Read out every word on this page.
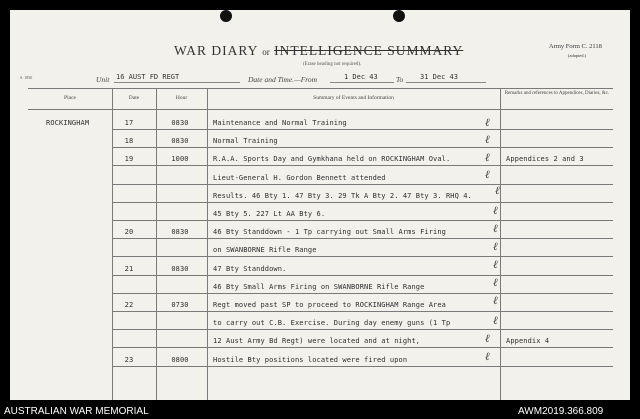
WAR DIARY or INTELLIGENCE SUMMARY
(Erase heading not required).
Army Form C. 2118
(adapted.)
S. 1850	Unit 16 AUST FD REGT	Date and Time.—From	1 Dec 43 To 31 Dec 43
Place	Date	Hour	Summary of Events and Information
Remarks and references to Appendices, Diaries, &c.
ROCKINGHAM	17	0830	Maintenance and Normal Training
18	0830	Normal Training
19	1000	R.A.A. Sports Day and Gymkhana held on ROCKINGHAM Oval.	Appendices 2 and 3
Lieut-General H. Gordon Bennett attended
Results. 46 Bty 1. 47 Bty 3. 29 Tk A Bty 2. 47 Bty 3. RHQ 4.
45 Bty 5. 227 Lt AA Bty 6.
20	0830	46 Bty Standdown - 1 Tp carrying out Small Arms Firing
on SWANBORNE Rifle Range
21	0830	47 Bty Standdown.
46 Bty Small Arms Firing on SWANBORNE Rifle Range
22	0730	Regt moved past SP to proceed to ROCKINGHAM Range Area
to carry out C.B. Exercise. During day enemy guns (1 Tp
12 Aust Army Bd Regt) were located and at night,	Appendix 4
23	0800	Hostile Bty positions located were fired upon
ℓ
ℓ
ℓ
ℓ
ℓ
ℓ
ℓ
ℓ
ℓ
ℓ
ℓ
ℓ
ℓ
ℓ
AUSTRALIAN WAR MEMORIAL	AWM2019.366.809
